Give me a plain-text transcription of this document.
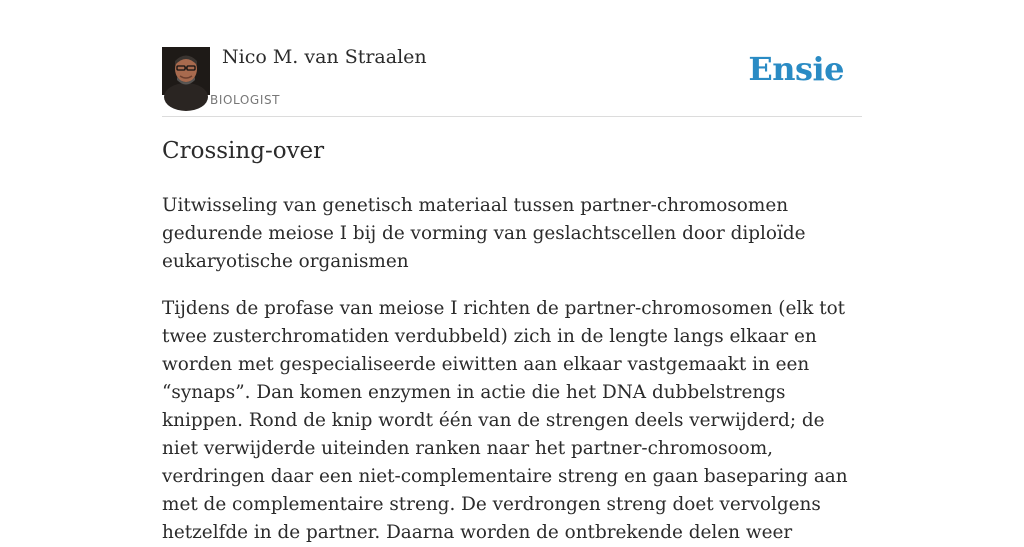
Nico M. van Straalen
BIOLOGIST
Ensie
Crossing-over

Uitwisseling van genetisch materiaal tussen partner-chromosomen gedurende meiose I bij de vorming van geslachtscellen door diploïde eukaryotische organismen

Tijdens de profase van meiose I richten de partner-chromosomen (elk tot twee zusterchromatiden verdubbeld) zich in de lengte langs elkaar en worden met gespecialiseerde eiwitten aan elkaar vastgemaakt in een “synaps”. Dan komen enzymen in actie die het DNA dubbelstrengs knippen. Rond de knip wordt één van de strengen deels verwijderd; de niet verwijderde uiteinden ranken naar het partner-chromosoom, verdringen daar een niet-complementaire streng en gaan baseparing aan met de complementaire streng. De verdrongen streng doet vervolgens hetzelfde in de partner. Daarna worden de ontbrekende delen weer
